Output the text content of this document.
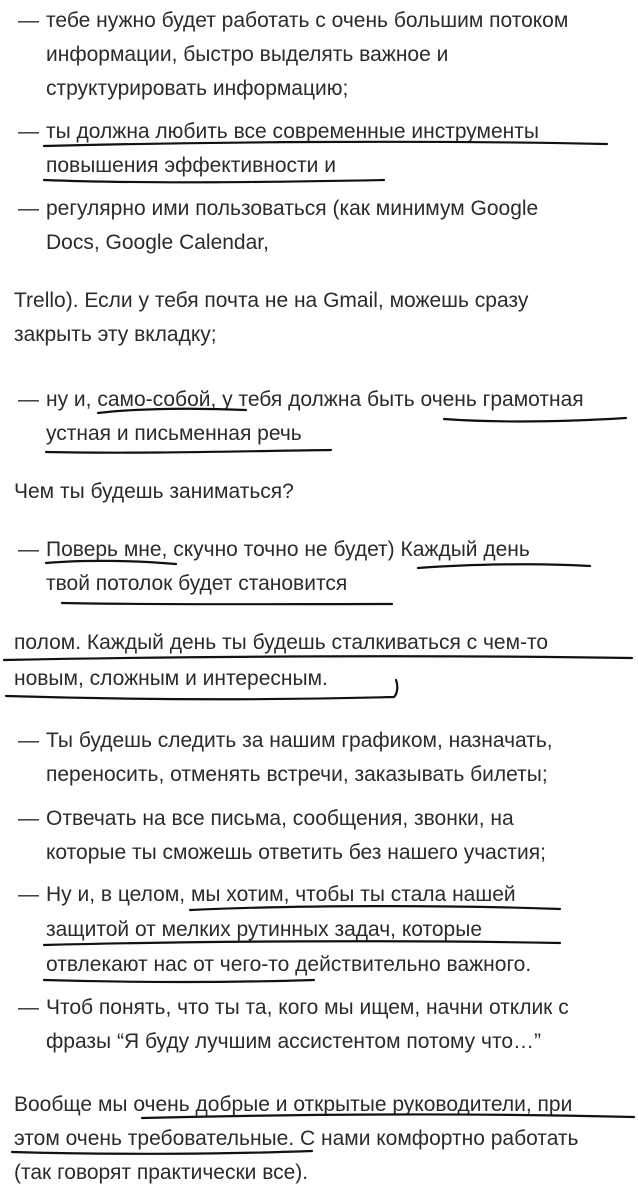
— тебе нужно будет работать с очень большим потоком
информации, быстро выделять важное и
структурировать информацию;
— ты должна любить все современные инструменты
повышения эффективности и
— регулярно ими пользоваться (как минимум Google
Docs, Google Calendar,
Trello). Если у тебя почта не на Gmail, можешь сразу
закрыть эту вкладку;
— ну и, само-собой, у тебя должна быть очень грамотная
устная и письменная речь
Чем ты будешь заниматься?
— Поверь мне, скучно точно не будет) Каждый день
твой потолок будет становится
полом. Каждый день ты будешь сталкиваться с чем-то
новым, сложным и интересным.
— Ты будешь следить за нашим графиком, назначать,
переносить, отменять встречи, заказывать билеты;
— Отвечать на все письма, сообщения, звонки, на
которые ты сможешь ответить без нашего участия;
— Ну и, в целом, мы хотим, чтобы ты стала нашей
защитой от мелких рутинных задач, которые
отвлекают нас от чего-то действительно важного.
— Чтоб понять, что ты та, кого мы ищем, начни отклик с
фразы “Я буду лучшим ассистентом потому что…”
Вообще мы очень добрые и открытые руководители, при
этом очень требовательные. С нами комфортно работать
(так говорят практически все).
